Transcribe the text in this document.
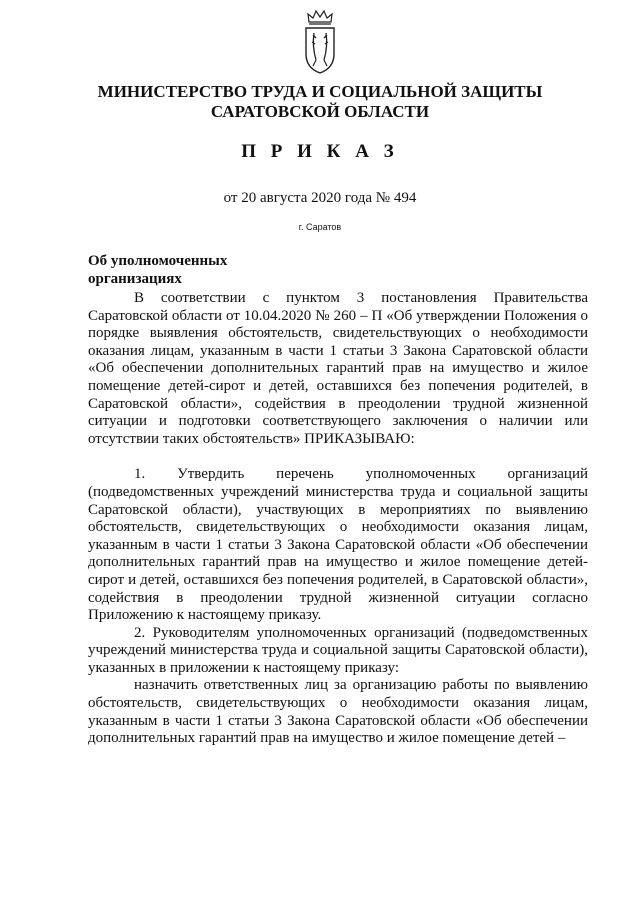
МИНИСТЕРСТВО ТРУДА И СОЦИАЛЬНОЙ ЗАЩИТЫ
САРАТОВСКОЙ ОБЛАСТИ
П Р И К А З
от 20 августа 2020 года № 494
г. Саратов
Об уполномоченных
организациях

В соответствии с пунктом 3 постановления Правительства Саратовской области от 10.04.2020 № 260 – П «Об утверждении Положения о порядке выявления обстоятельств, свидетельствующих о необходимости оказания лицам, указанным в части 1 статьи 3 Закона Саратовской области «Об обеспечении дополнительных гарантий прав на имущество и жилое помещение детей-сирот и детей, оставшихся без попечения родителей, в Саратовской области», содействия в преодолении трудной жизненной ситуации и подготовки соответствующего заключения о наличии или отсутствии таких обстоятельств» ПРИКАЗЫВАЮ:

1. Утвердить перечень уполномоченных организаций (подведомственных учреждений министерства труда и социальной защиты Саратовской области), участвующих в мероприятиях по выявлению обстоятельств, свидетельствующих о необходимости оказания лицам, указанным в части 1 статьи 3 Закона Саратовской области «Об обеспечении дополнительных гарантий прав на имущество и жилое помещение детей-сирот и детей, оставшихся без попечения родителей, в Саратовской области», содействия в преодолении трудной жизненной ситуации согласно Приложению к настоящему приказу.

2. Руководителям уполномоченных организаций (подведомственных учреждений министерства труда и социальной защиты Саратовской области), указанных в приложении к настоящему приказу:

назначить ответственных лиц за организацию работы по выявлению обстоятельств, свидетельствующих о необходимости оказания лицам, указанным в части 1 статьи 3 Закона Саратовской области «Об обеспечении дополнительных гарантий прав на имущество и жилое помещение детей –
